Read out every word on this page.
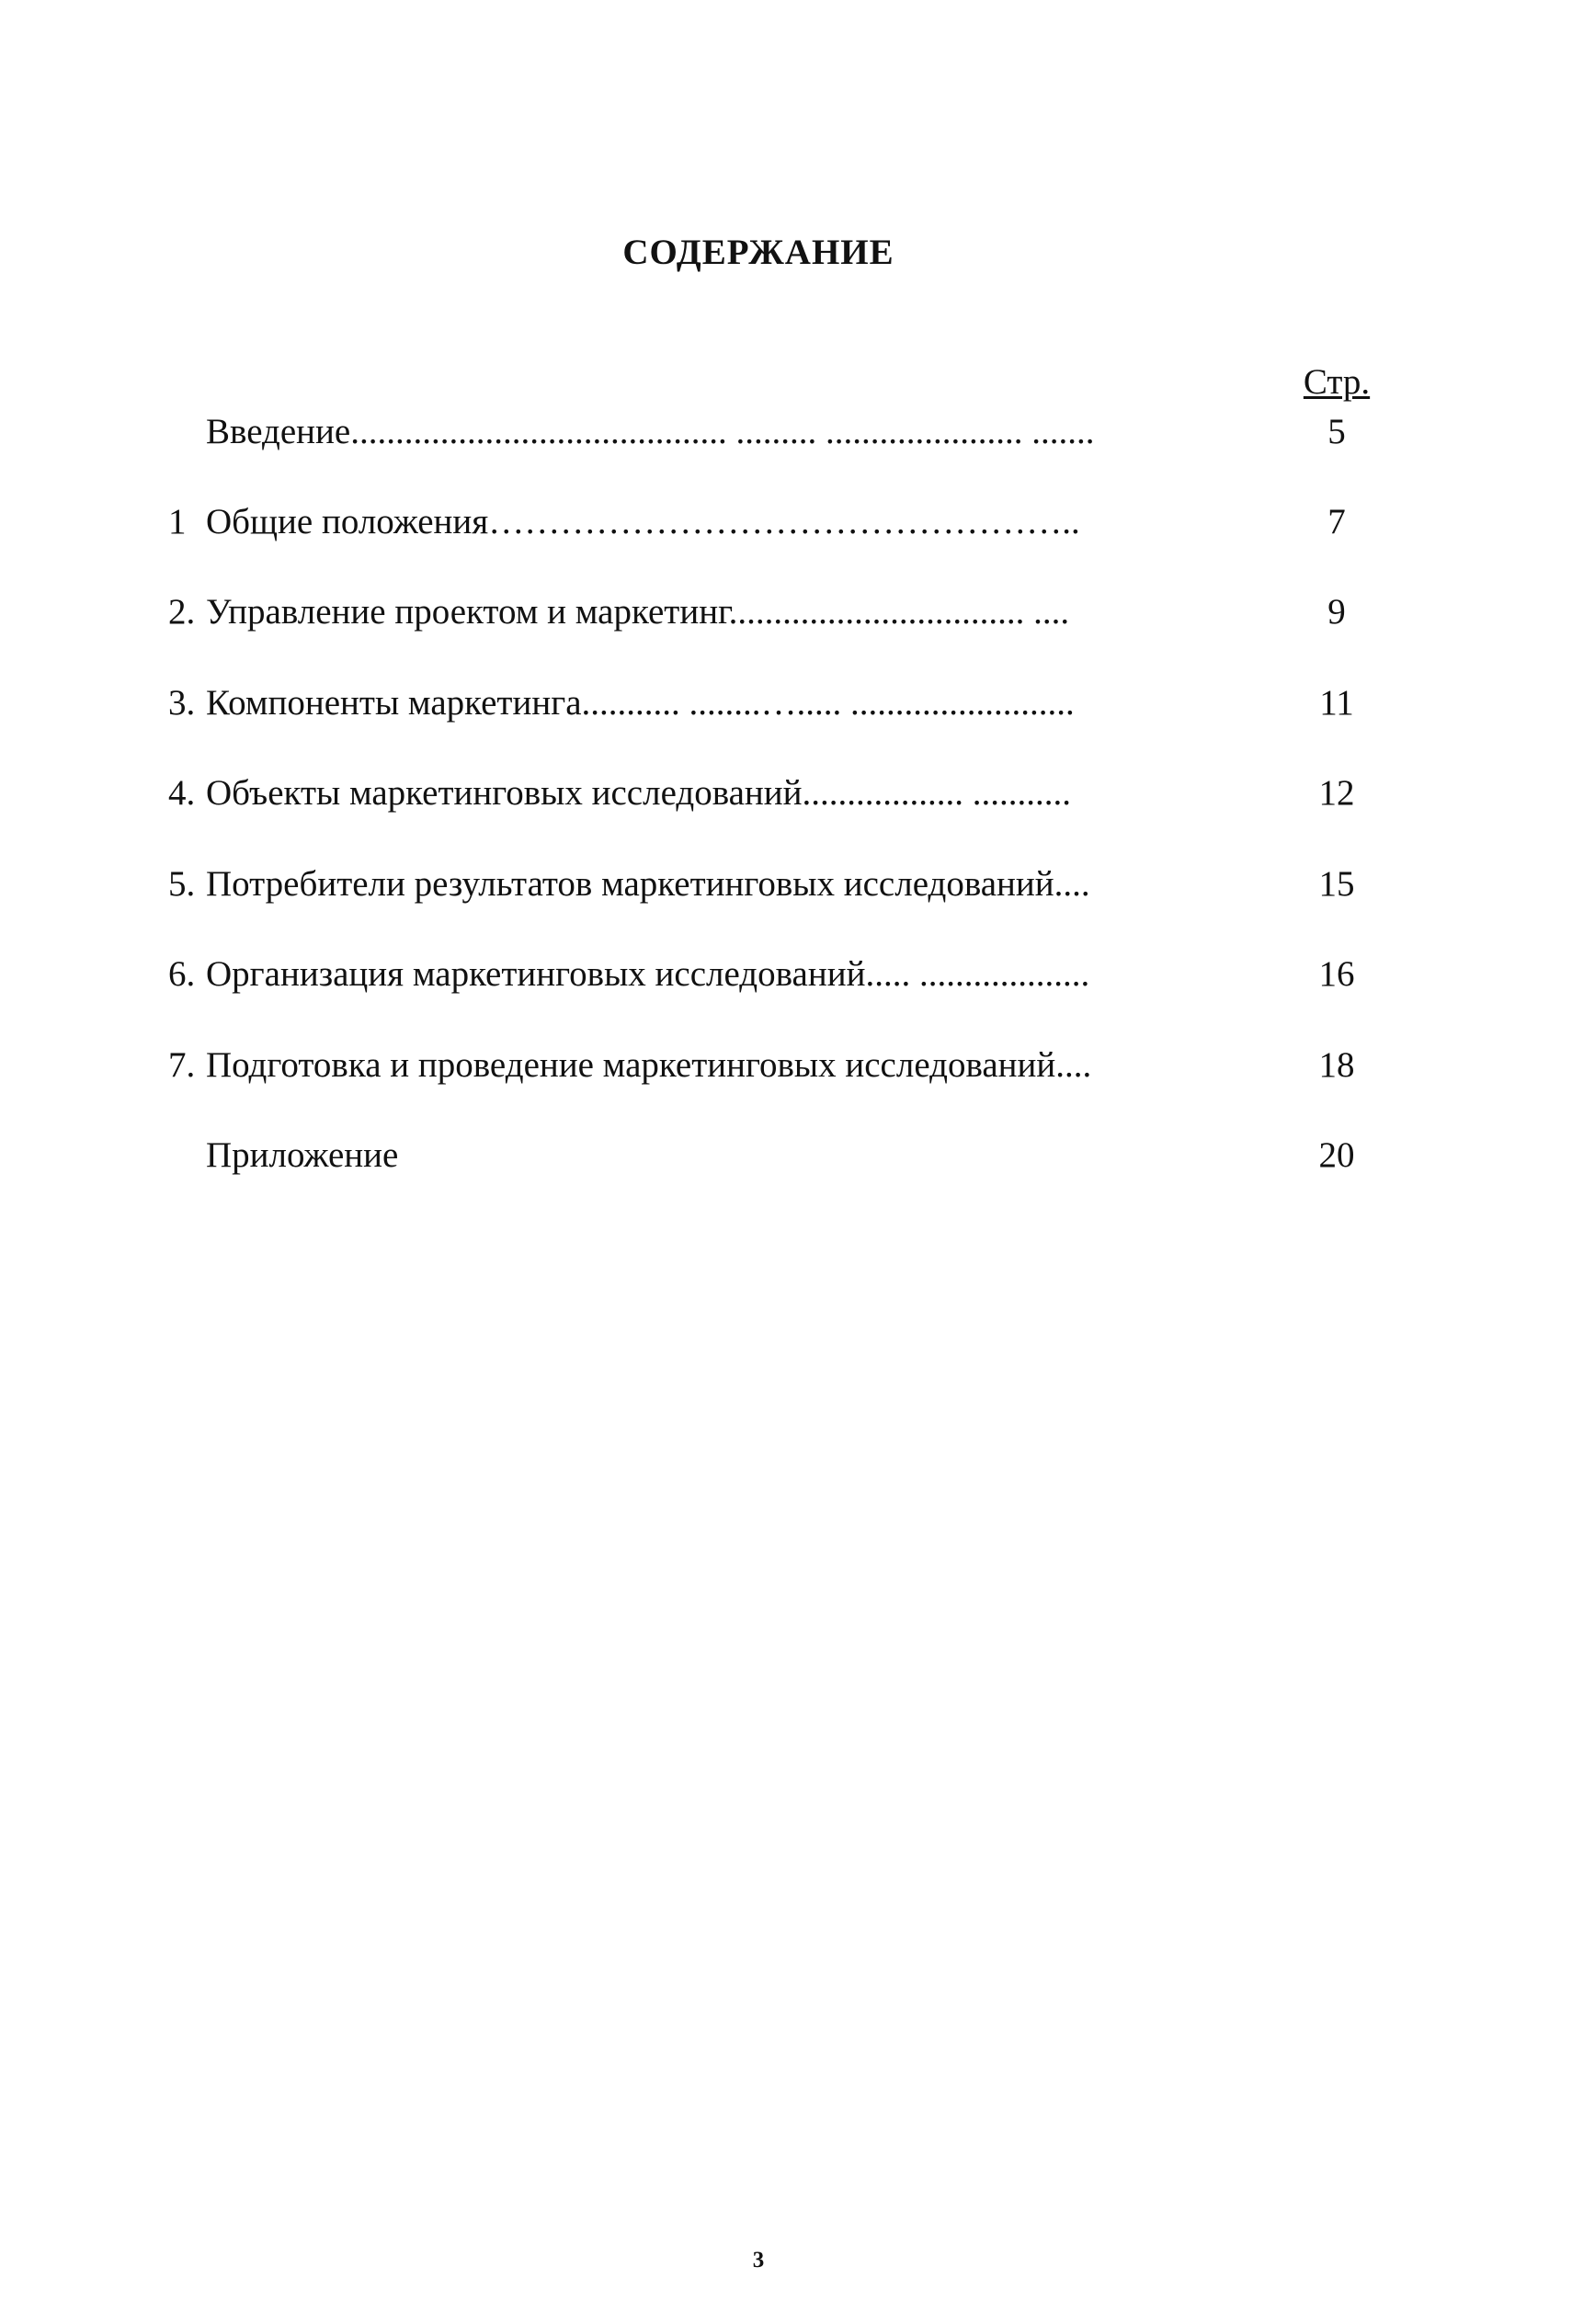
СОДЕРЖАНИЕ
Стр.
Введение.......................................... ......... ...................... .......	5
1 Общие положения…………………………………………..	7
2. Управление проектом и маркетинг................................. ....	9
3. Компоненты маркетинга........... ........…..... .........................	11
4. Объекты маркетинговых исследований.................. ...........	12
5. Потребители результатов маркетинговых исследований....	15
6. Организация маркетинговых исследований..... ...................	16
7. Подготовка и проведение маркетинговых исследований....	18
Приложение	20
3
